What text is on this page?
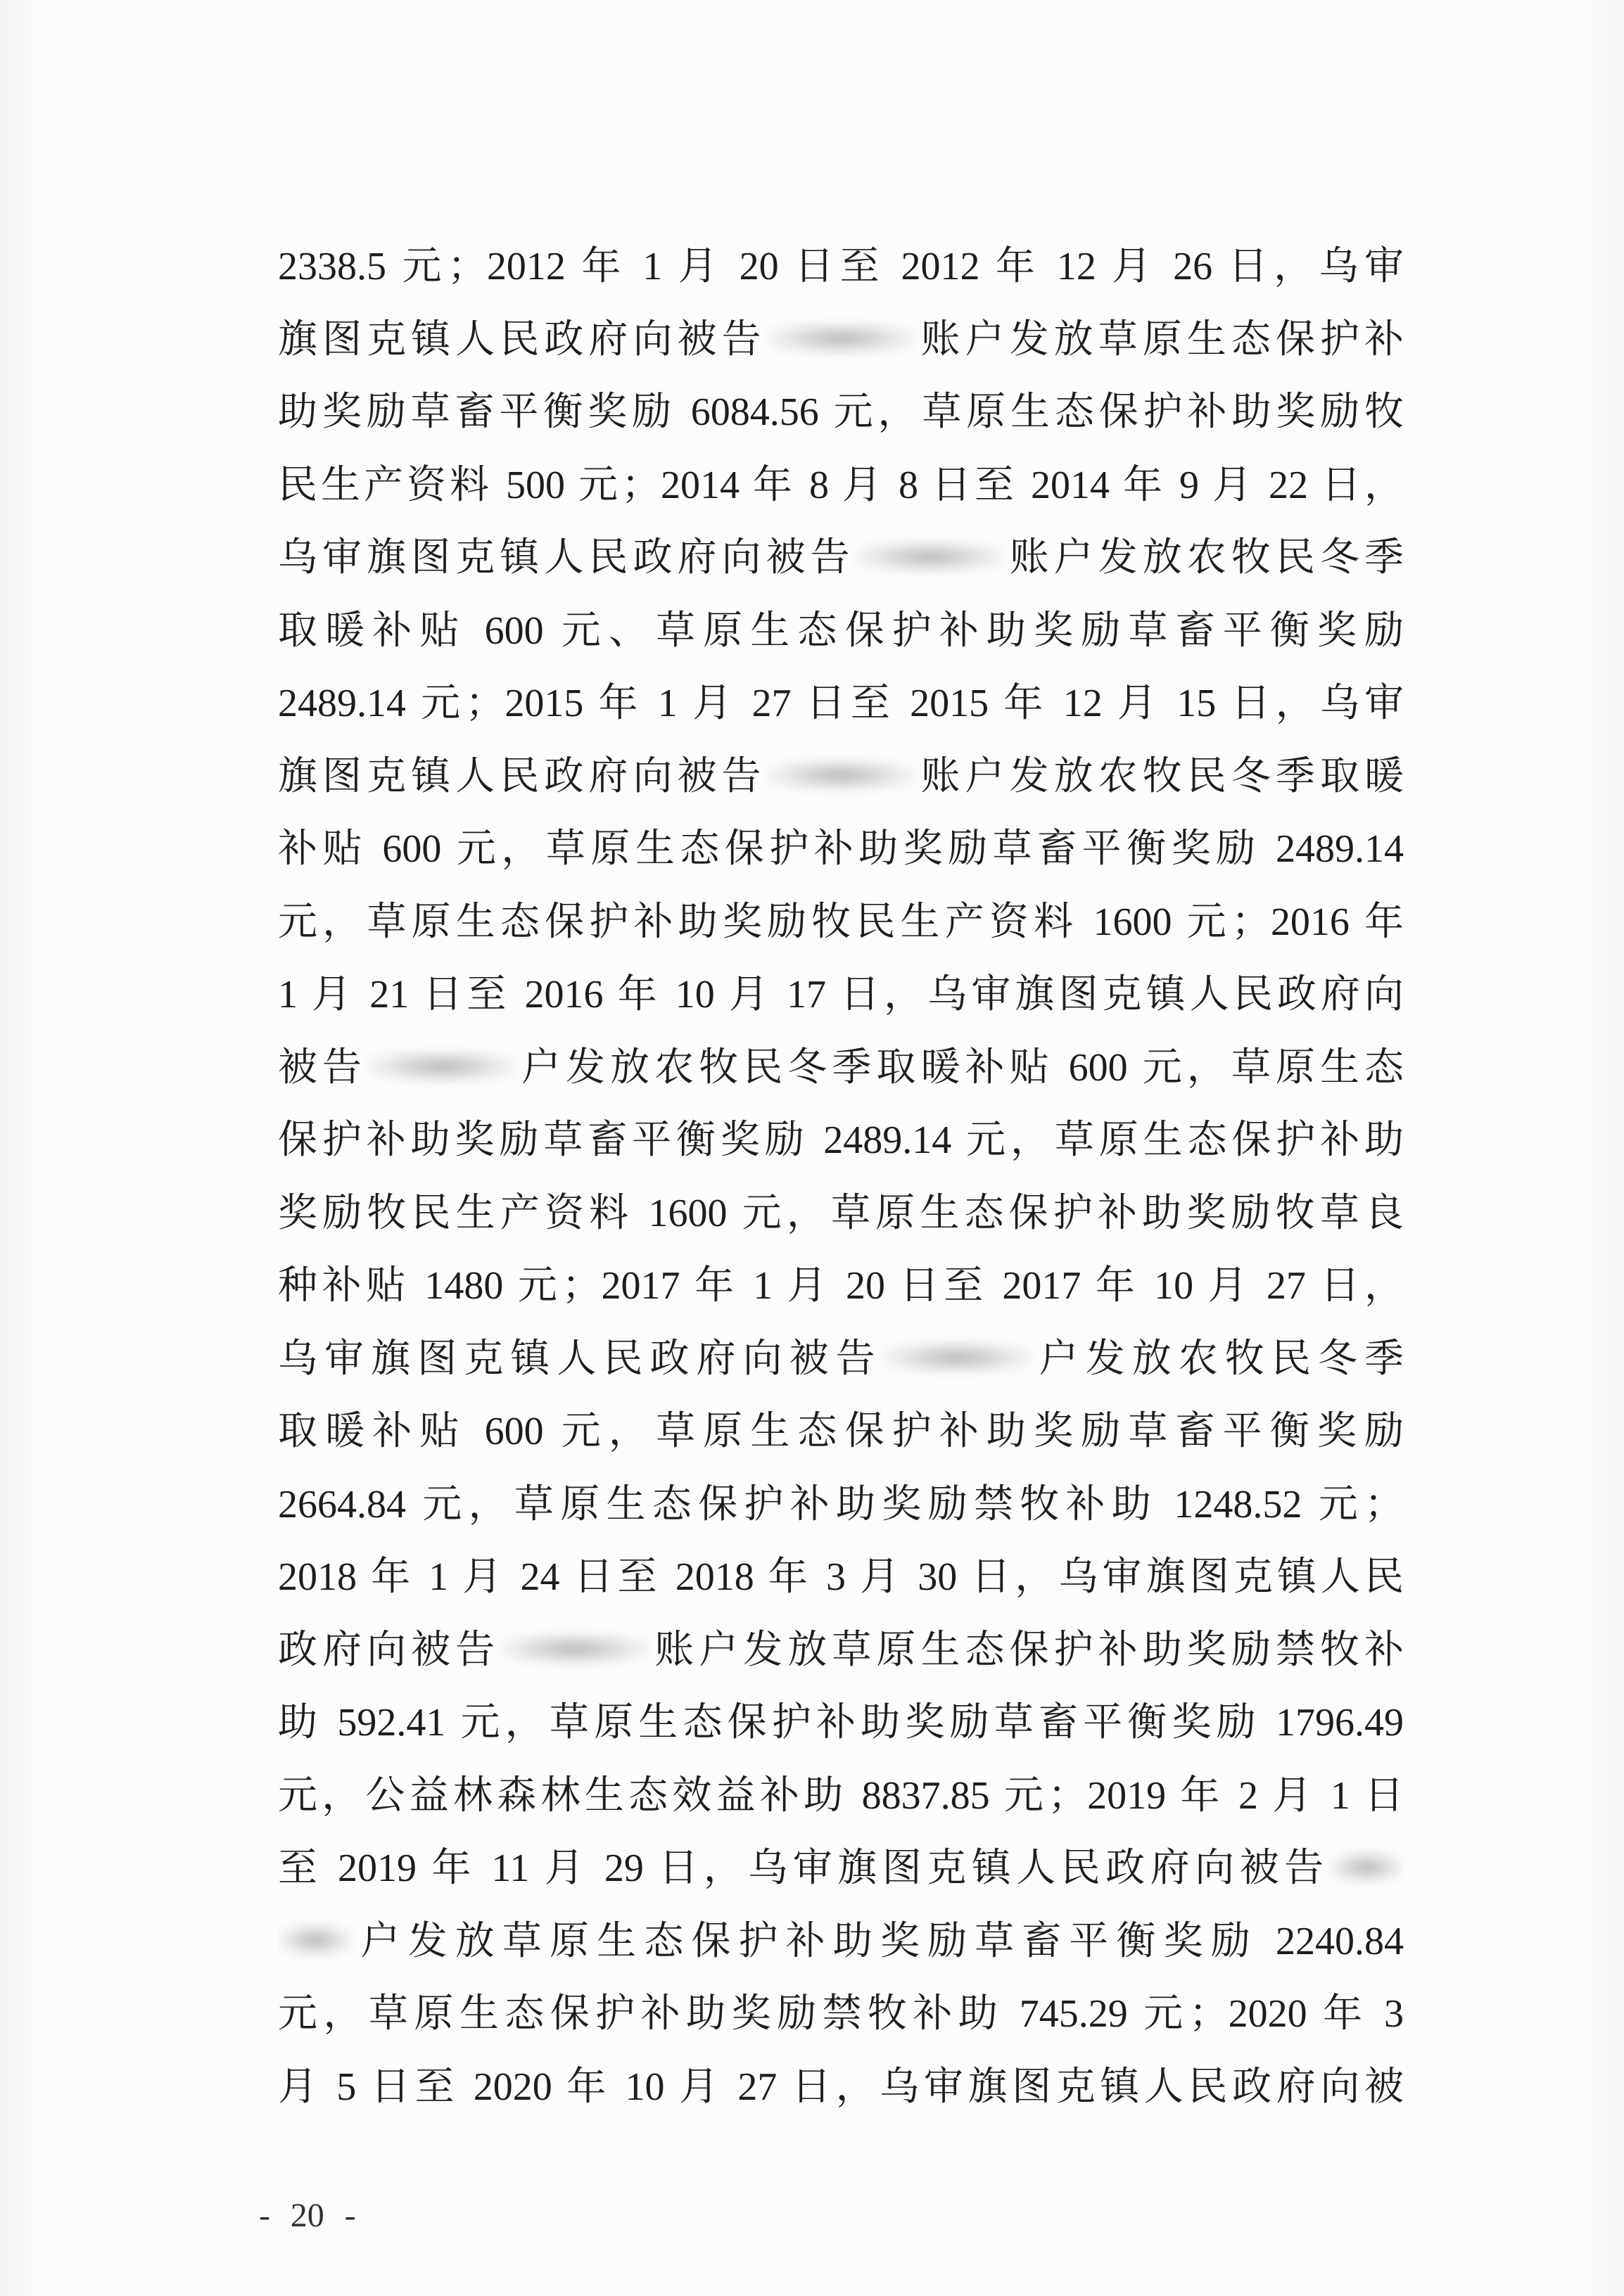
2338.5 元；2012 年 1 月 20 日至 2012 年 12 月 26 日，乌审
旗图克镇人民政府向被告	账户发放草原生态保护补
助奖励草畜平衡奖励 6084.56 元，草原生态保护补助奖励牧
民生产资料 500 元；2014 年 8 月 8 日至 2014 年 9 月 22 日，
乌审旗图克镇人民政府向被告	账户发放农牧民冬季
取暖补贴 600 元、草原生态保护补助奖励草畜平衡奖励
2489.14 元；2015 年 1 月 27 日至 2015 年 12 月 15 日，乌审
旗图克镇人民政府向被告	账户发放农牧民冬季取暖
补贴 600 元，草原生态保护补助奖励草畜平衡奖励 2489.14
元，草原生态保护补助奖励牧民生产资料 1600 元；2016 年
1 月 21 日至 2016 年 10 月 17 日，乌审旗图克镇人民政府向
被告	户发放农牧民冬季取暖补贴 600 元，草原生态
保护补助奖励草畜平衡奖励 2489.14 元，草原生态保护补助
奖励牧民生产资料 1600 元，草原生态保护补助奖励牧草良
种补贴 1480 元；2017 年 1 月 20 日至 2017 年 10 月 27 日，
乌审旗图克镇人民政府向被告	户发放农牧民冬季
取暖补贴 600 元，草原生态保护补助奖励草畜平衡奖励
2664.84 元，草原生态保护补助奖励禁牧补助 1248.52 元；
2018 年 1 月 24 日至 2018 年 3 月 30 日，乌审旗图克镇人民
政府向被告	账户发放草原生态保护补助奖励禁牧补
助 592.41 元，草原生态保护补助奖励草畜平衡奖励 1796.49
元，公益林森林生态效益补助 8837.85 元；2019 年 2 月 1 日
至 2019 年 11 月 29 日，乌审旗图克镇人民政府向被告
户发放草原生态保护补助奖励草畜平衡奖励 2240.84
元，草原生态保护补助奖励禁牧补助 745.29 元；2020 年 3
月 5 日至 2020 年 10 月 27 日，乌审旗图克镇人民政府向被
- 20 -
